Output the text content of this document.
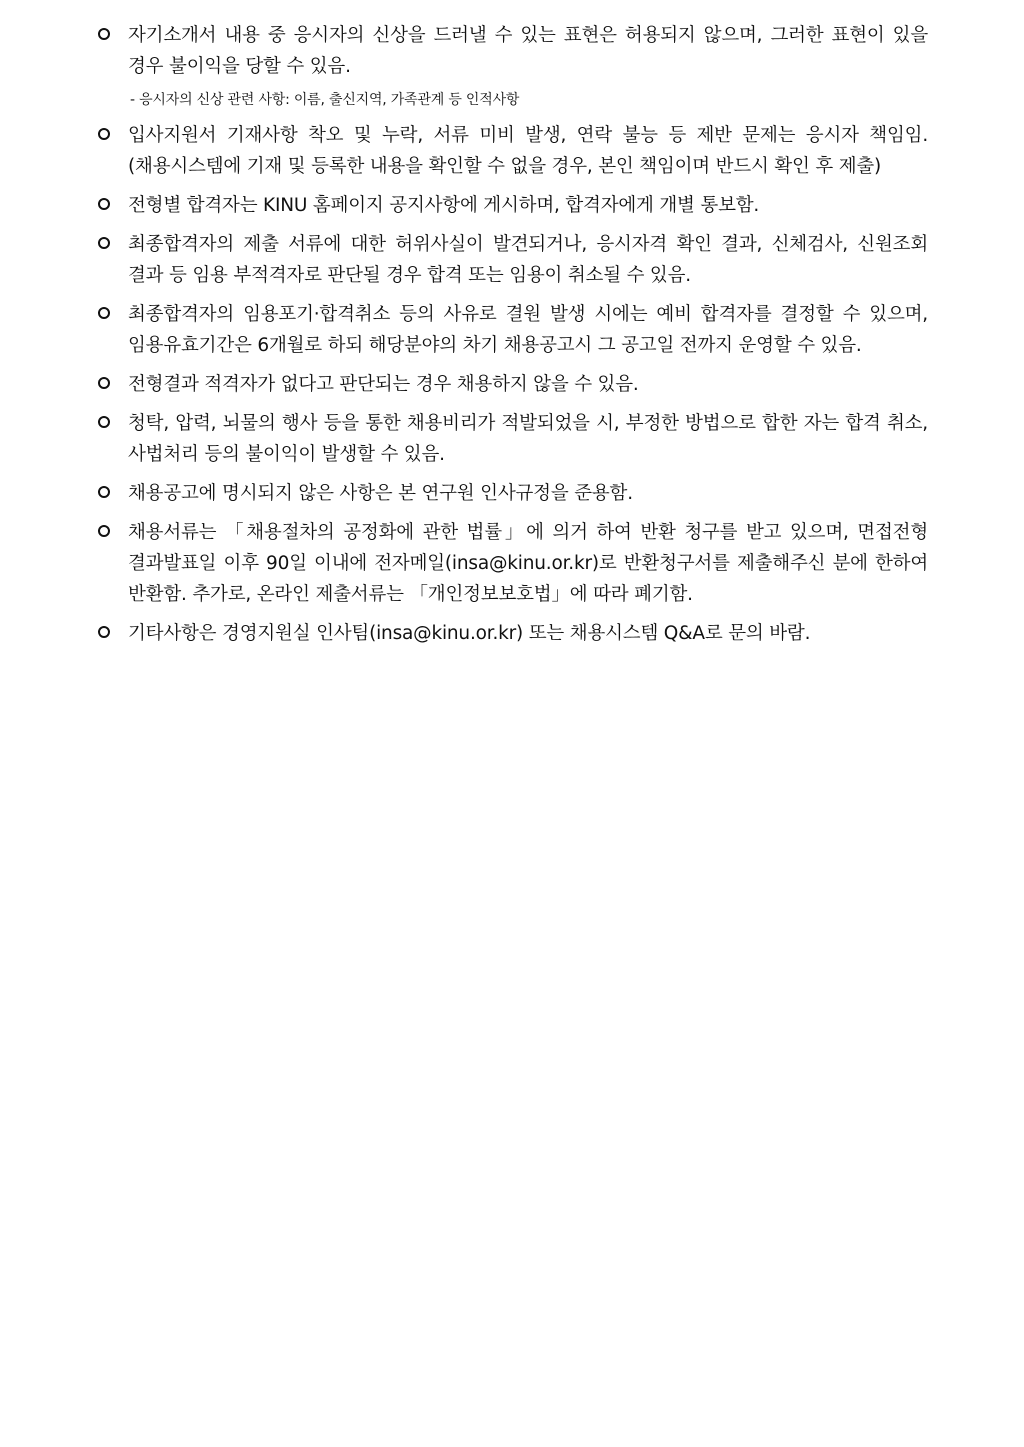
자기소개서 내용 중 응시자의 신상을 드러낼 수 있는 표현은 허용되지 않으며, 그러한 표현이 있을 경우 불이익을 당할 수 있음.
- 응시자의 신상 관련 사항: 이름, 출신지역, 가족관계 등 인적사항
입사지원서 기재사항 착오 및 누락, 서류 미비 발생, 연락 불능 등 제반 문제는 응시자 책임임.(채용시스템에 기재 및 등록한 내용을 확인할 수 없을 경우, 본인 책임이며 반드시 확인 후 제출)
전형별 합격자는 KINU 홈페이지 공지사항에 게시하며, 합격자에게 개별 통보함.
최종합격자의 제출 서류에 대한 허위사실이 발견되거나, 응시자격 확인 결과, 신체검사, 신원조회 결과 등 임용 부적격자로 판단될 경우 합격 또는 임용이 취소될 수 있음.
최종합격자의 임용포기·합격취소 등의 사유로 결원 발생 시에는 예비 합격자를 결정할 수 있으며, 임용유효기간은 6개월로 하되 해당분야의 차기 채용공고시 그 공고일 전까지 운영할 수 있음.
전형결과 적격자가 없다고 판단되는 경우 채용하지 않을 수 있음.
청탁, 압력, 뇌물의 행사 등을 통한 채용비리가 적발되었을 시, 부정한 방법으로 합한 자는 합격 취소, 사법처리 등의 불이익이 발생할 수 있음.
채용공고에 명시되지 않은 사항은 본 연구원 인사규정을 준용함.
채용서류는 「채용절차의 공정화에 관한 법률」에 의거 하여 반환 청구를 받고 있으며, 면접전형 결과발표일 이후 90일 이내에 전자메일(insa@kinu.or.kr)로 반환청구서를 제출해주신 분에 한하여 반환함. 추가로, 온라인 제출서류는 「개인정보보호법」에 따라 폐기함.
기타사항은 경영지원실 인사팀(insa@kinu.or.kr) 또는 채용시스템 Q&A로 문의 바람.
